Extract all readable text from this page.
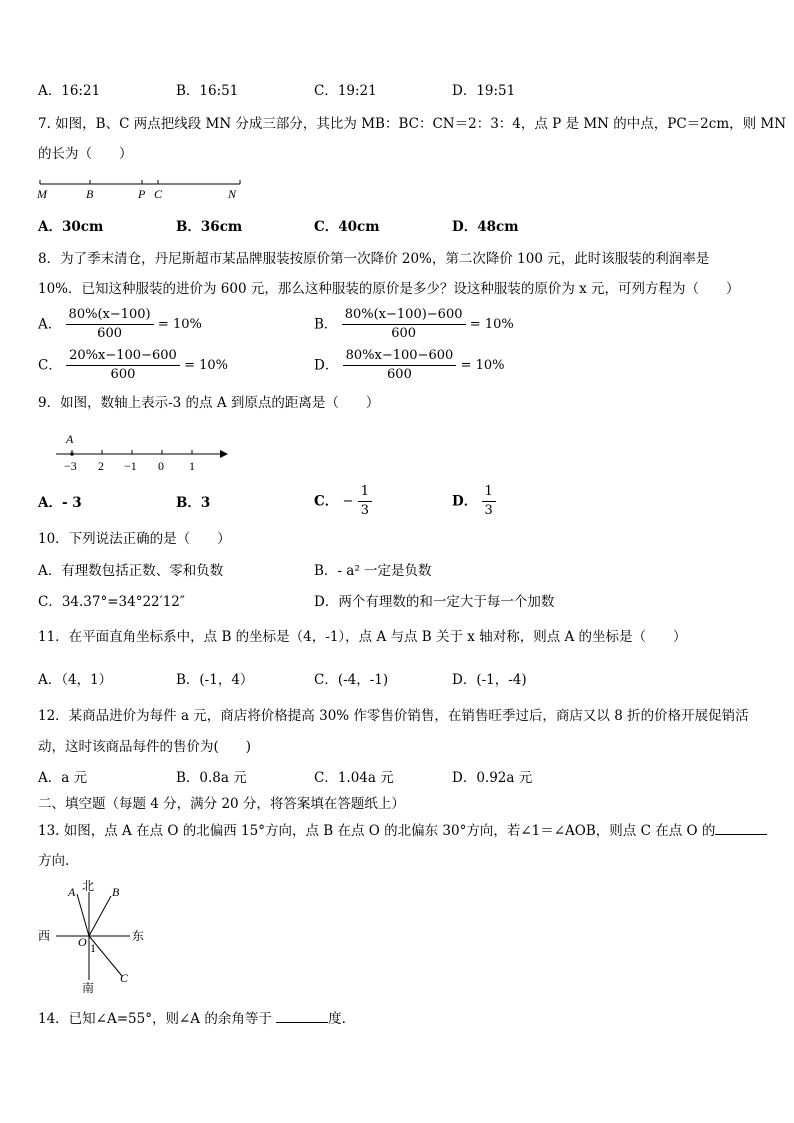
A．16:21	B．16:51	C．19:21	D．19:51
7. 如图，B、C 两点把线段 MN 分成三部分，其比为 MB：BC：CN＝2：3：4，点 P 是 MN 的中点，PC＝2cm，则 MN
的长为（　　）
M	B	P C	N
A．30cm	B．36cm	C．40cm	D．48cm
8．为了季末清仓，丹尼斯超市某品牌服装按原价第一次降价 20%，第二次降价 100 元，此时该服装的利润率是
10%．已知这种服装的进价为 600 元，那么这种服装的原价是多少？设这种服装的原价为 x 元，可列方程为（　　）
A． $\frac{80\%(x-100)}{600} = 10\%$	B． $\frac{80\%(x-100)-600}{600} = 10\%$
C． $\frac{20\%x-100-600}{600} = 10\%$	D． $\frac{80\%x-100-600}{600} = 10\%$
9．如图，数轴上表示-3 的点 A 到原点的距离是（　　）
A
−3 2 −1 0 1
A．- 3	B．3	C． − $\frac{1}{3}$	D． $\frac{1}{3}$
10．下列说法正确的是（　　）
A．有理数包括正数、零和负数	B．- a² 一定是负数
C．34.37°=34°22′12″	D．两个有理数的和一定大于每一个加数
11．在平面直角坐标系中，点 B 的坐标是（4，-1），点 A 与点 B 关于 x 轴对称，则点 A 的坐标是（　　）
A．（4，1）	B．(-1，4）	C．(-4，-1)	D．(-1，-4)
12．某商品进价为每件 a 元，商店将价格提高 30% 作零售价销售，在销售旺季过后，商店又以 8 折的价格开展促销活
动，这时该商品每件的售价为(　　)
A．a 元	B．0.8a 元	C．1.04a 元	D．0.92a 元
二、填空题（每题 4 分，满分 20 分，将答案填在答题纸上）
13. 如图，点 A 在点 O 的北偏西 15°方向，点 B 在点 O 的北偏东 30°方向，若∠1＝∠AOB，则点 C 在点 O 的
方向.
北
南
西	东
A	B
C
O 1
14．已知∠A=55°，则∠A 的余角等于	度.
